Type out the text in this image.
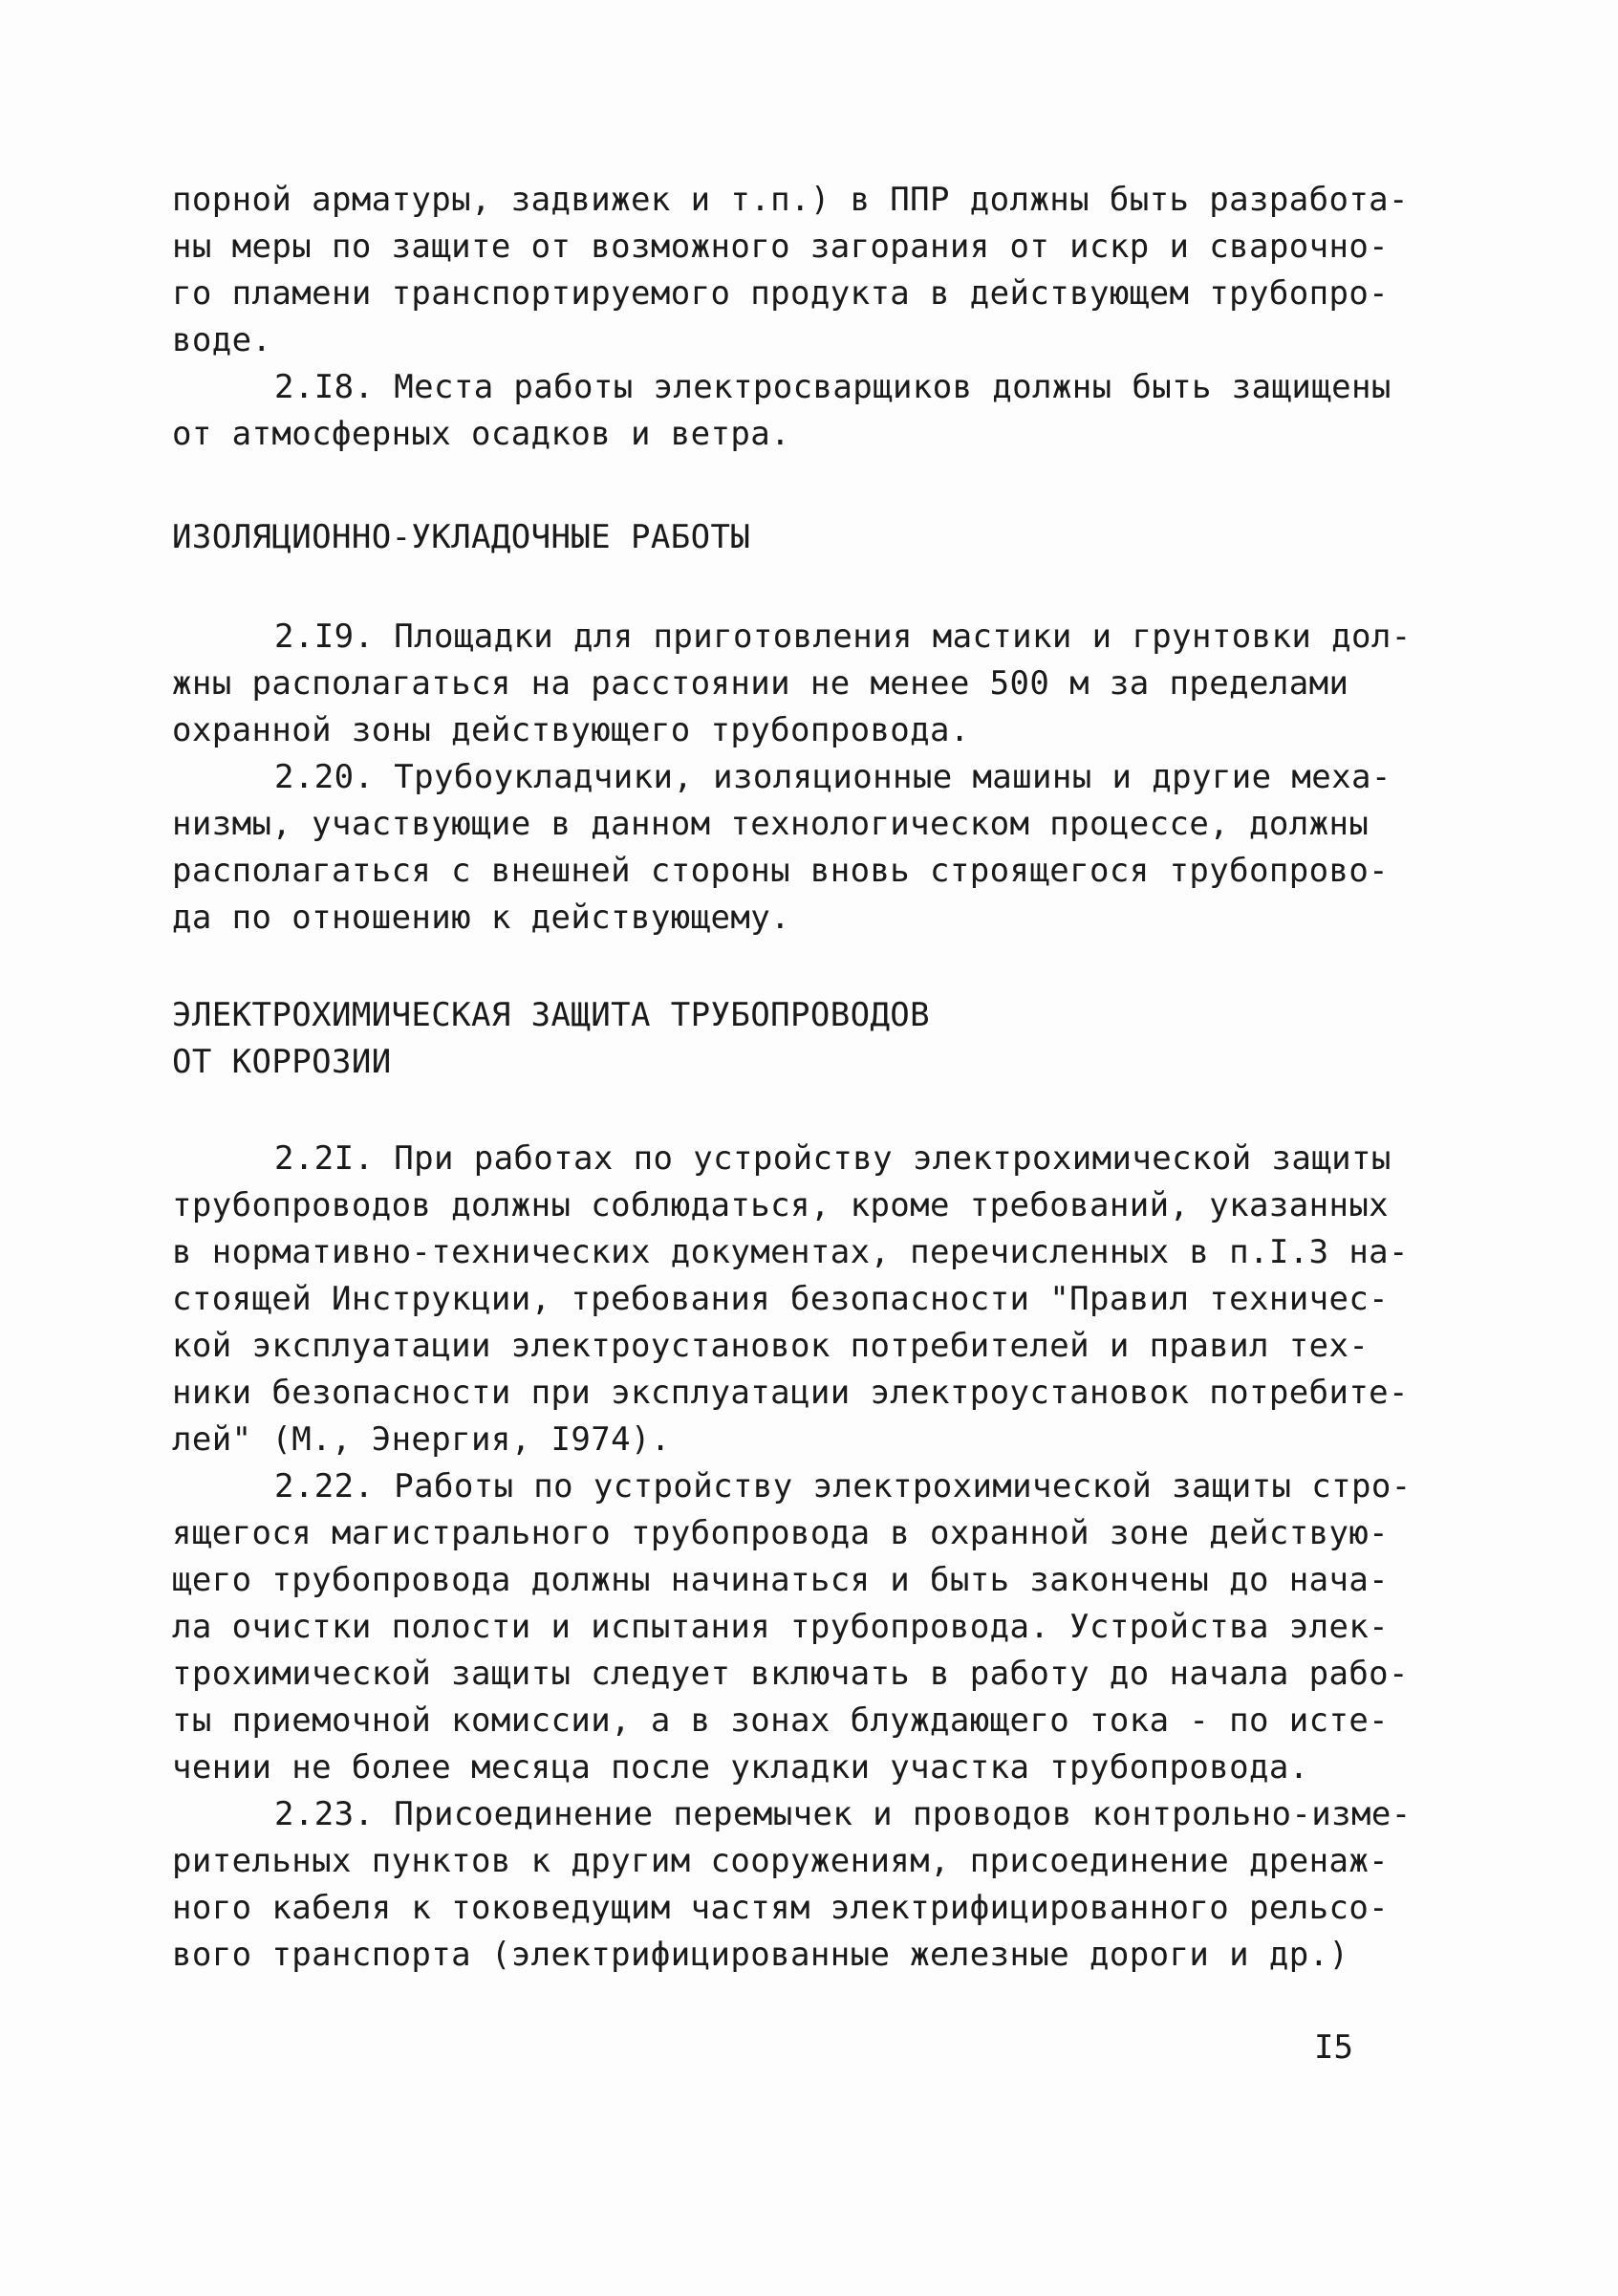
порной арматуры, задвижек и т.п.) в ППР должны быть разработа-
ны меры по защите от возможного загорания от искр и сварочно-
го пламени транспортируемого продукта в действующем трубопро-
воде.
2.I8. Места работы электросварщиков должны быть защищены
от атмосферных осадков и ветра.
ИЗОЛЯЦИОННО-УКЛАДОЧНЫЕ РАБОТЫ
2.I9. Площадки для приготовления мастики и грунтовки дол-
жны располагаться на расстоянии не менее 500 м за пределами
охранной зоны действующего трубопровода.
2.20. Трубоукладчики, изоляционные машины и другие меха-
низмы, участвующие в данном технологическом процессе, должны
располагаться с внешней стороны вновь строящегося трубопрово-
да по отношению к действующему.
ЭЛЕКТРОХИМИЧЕСКАЯ ЗАЩИТА ТРУБОПРОВОДОВ
ОТ КОРРОЗИИ
2.2I. При работах по устройству электрохимической защиты
трубопроводов должны соблюдаться, кроме требований, указанных
в нормативно-технических документах, перечисленных в п.I.3 на-
стоящей Инструкции, требования безопасности "Правил техничес-
кой эксплуатации электроустановок потребителей и правил тех-
ники безопасности при эксплуатации электроустановок потребите-
лей" (М., Энергия, I974).
2.22. Работы по устройству электрохимической защиты стро-
ящегося магистрального трубопровода в охранной зоне действую-
щего трубопровода должны начинаться и быть закончены до нача-
ла очистки полости и испытания трубопровода. Устройства элек-
трохимической защиты следует включать в работу до начала рабо-
ты приемочной комиссии, а в зонах блуждающего тока - по исте-
чении не более месяца после укладки участка трубопровода.
2.23. Присоединение перемычек и проводов контрольно-изме-
рительных пунктов к другим сооружениям, присоединение дренаж-
ного кабеля к токоведущим частям электрифицированного рельсо-
вого транспорта (электрифицированные железные дороги и др.)
I5
